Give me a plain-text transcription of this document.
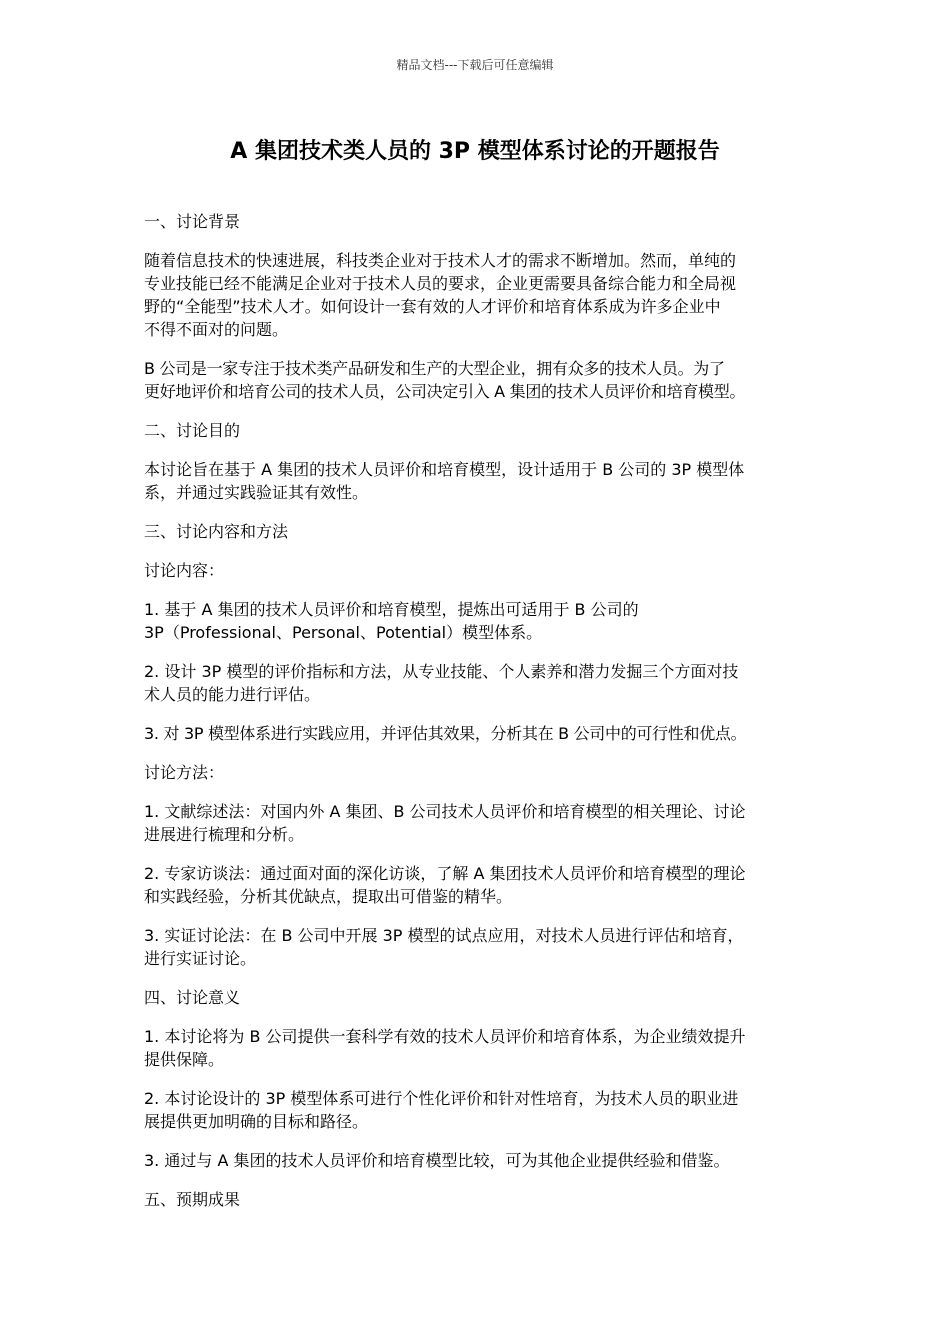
精品文档---下载后可任意编辑
A 集团技术类人员的 3P 模型体系讨论的开题报告

一、讨论背景

随着信息技术的快速进展，科技类企业对于技术人才的需求不断增加。然而，单纯的
专业技能已经不能满足企业对于技术人员的要求，企业更需要具备综合能力和全局视
野的“全能型”技术人才。如何设计一套有效的人才评价和培育体系成为许多企业中
不得不面对的问题。

B 公司是一家专注于技术类产品研发和生产的大型企业，拥有众多的技术人员。为了
更好地评价和培育公司的技术人员，公司决定引入 A 集团的技术人员评价和培育模型。

二、讨论目的

本讨论旨在基于 A 集团的技术人员评价和培育模型，设计适用于 B 公司的 3P 模型体
系，并通过实践验证其有效性。

三、讨论内容和方法

讨论内容：

1. 基于 A 集团的技术人员评价和培育模型，提炼出可适用于 B 公司的
3P（Professional、Personal、Potential）模型体系。

2. 设计 3P 模型的评价指标和方法，从专业技能、个人素养和潜力发掘三个方面对技
术人员的能力进行评估。

3. 对 3P 模型体系进行实践应用，并评估其效果，分析其在 B 公司中的可行性和优点。

讨论方法：

1. 文献综述法：对国内外 A 集团、B 公司技术人员评价和培育模型的相关理论、讨论
进展进行梳理和分析。

2. 专家访谈法：通过面对面的深化访谈，了解 A 集团技术人员评价和培育模型的理论
和实践经验，分析其优缺点，提取出可借鉴的精华。

3. 实证讨论法：在 B 公司中开展 3P 模型的试点应用，对技术人员进行评估和培育，
进行实证讨论。

四、讨论意义

1. 本讨论将为 B 公司提供一套科学有效的技术人员评价和培育体系，为企业绩效提升
提供保障。

2. 本讨论设计的 3P 模型体系可进行个性化评价和针对性培育，为技术人员的职业进
展提供更加明确的目标和路径。

3. 通过与 A 集团的技术人员评价和培育模型比较，可为其他企业提供经验和借鉴。

五、预期成果
